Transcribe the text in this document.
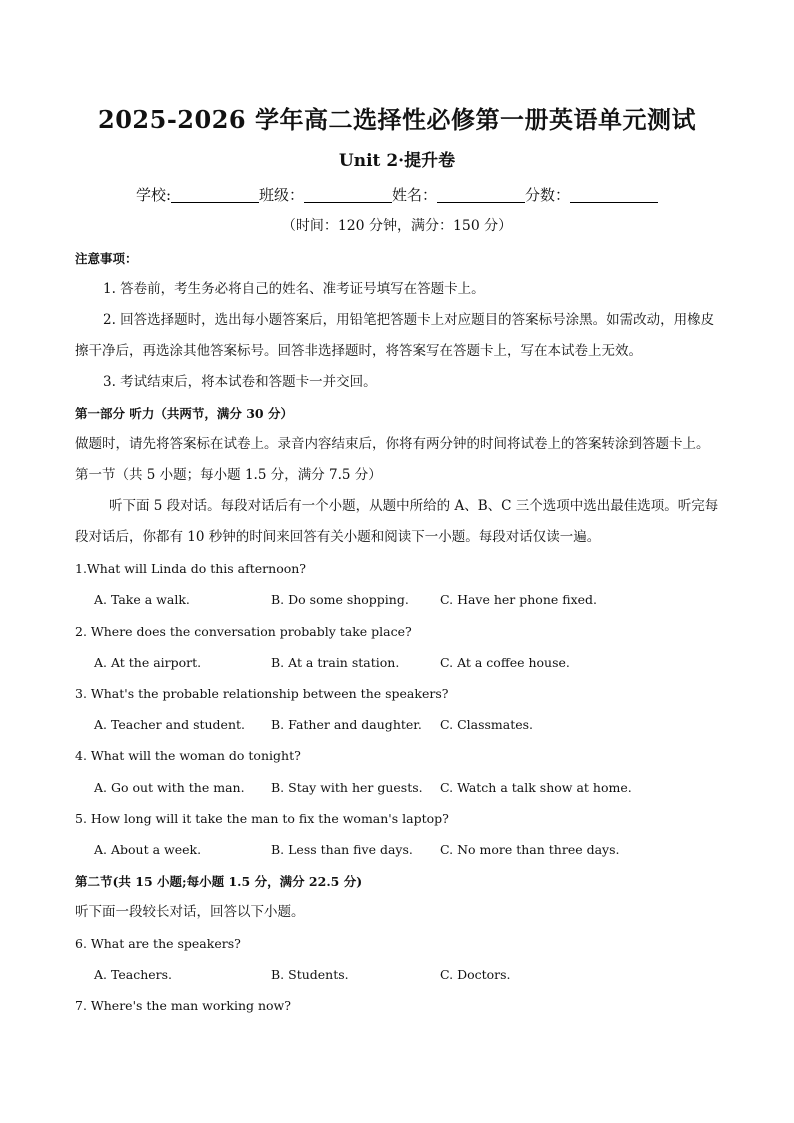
2025-2026 学年高二选择性必修第一册英语单元测试
Unit 2·提升卷
学校:	班级：	姓名：	分数：
（时间：120 分钟，满分：150 分）
注意事项：
1. 答卷前，考生务必将自己的姓名、准考证号填写在答题卡上。
2. 回答选择题时，选出每小题答案后，用铅笔把答题卡上对应题目的答案标号涂黑。如需改动，用橡皮擦干净后，再选涂其他答案标号。回答非选择题时，将答案写在答题卡上，写在本试卷上无效。
3. 考试结束后，将本试卷和答题卡一并交回。
第一部分 听力（共两节，满分 30 分）
做题时，请先将答案标在试卷上。录音内容结束后，你将有两分钟的时间将试卷上的答案转涂到答题卡上。
第一节（共 5 小题；每小题 1.5 分，满分 7.5 分）
听下面 5 段对话。每段对话后有一个小题，从题中所给的 A、B、C 三个选项中选出最佳选项。听完每段对话后，你都有 10 秒钟的时间来回答有关小题和阅读下一小题。每段对话仅读一遍。
1.What will Linda do this afternoon?
A. Take a walk.	B. Do some shopping. C. Have her phone fixed.
2. Where does the conversation probably take place?
A. At the airport.	B. At a train station.	C. At a coffee house.
3. What's the probable relationship between the speakers?
A. Teacher and student. B. Father and daughter. C. Classmates.
4. What will the woman do tonight?
A. Go out with the man. B. Stay with her guests. C. Watch a talk show at home.
5. How long will it take the man to fix the woman's laptop?
A. About a week.	B. Less than five days. C. No more than three days.
第二节(共 15 小题;每小题 1.5 分，满分 22.5 分)
听下面一段较长对话，回答以下小题。
6. What are the speakers?
A. Teachers.	B. Students.	C. Doctors.
7. Where's the man working now?
